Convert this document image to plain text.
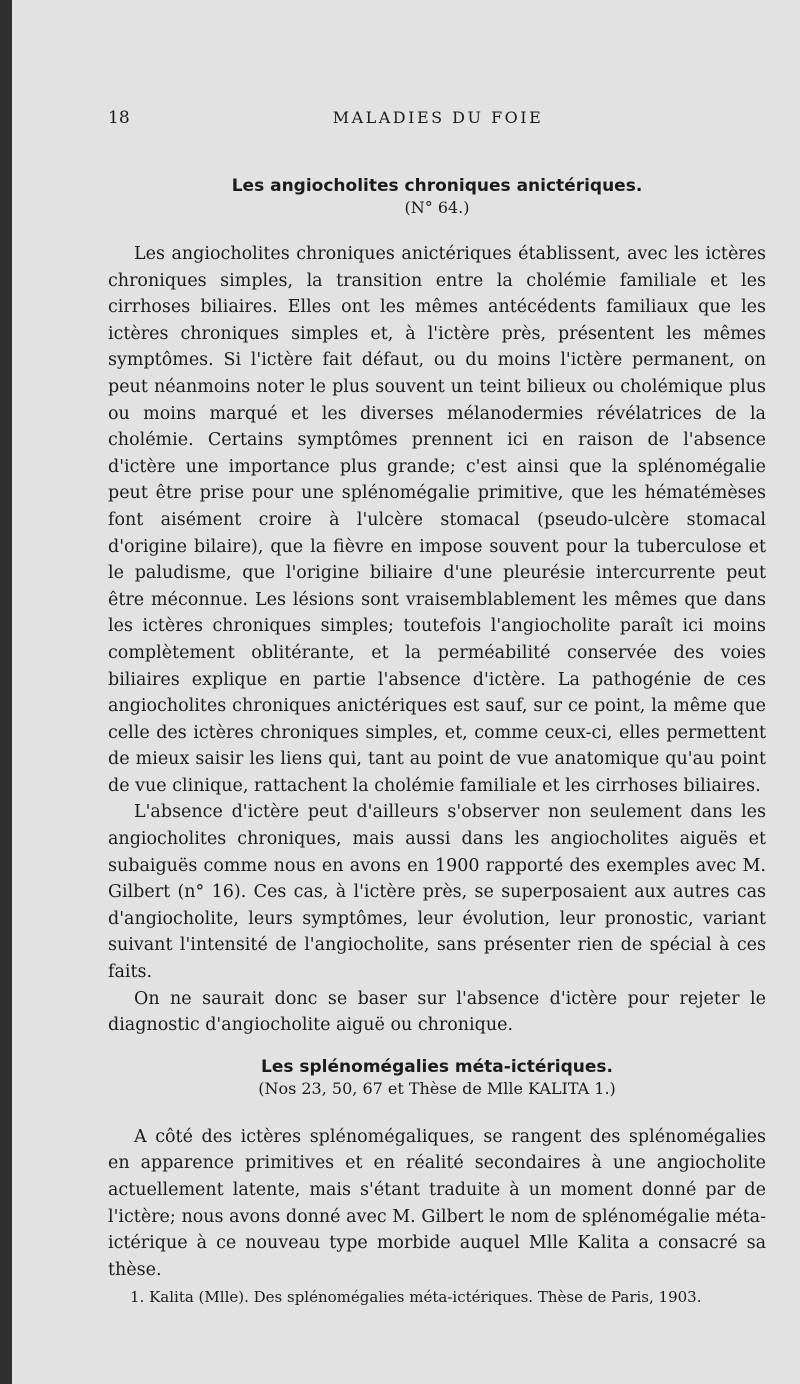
18	MALADIES DU FOIE
Les angiocholites chroniques anictériques.
(N° 64.)

Les angiocholites chroniques anictériques établissent, avec les ictères chroniques simples, la transition entre la cholémie familiale et les cirrhoses biliaires. Elles ont les mêmes antécédents familiaux que les ictères chroniques simples et, à l'ictère près, présentent les mêmes symptômes. Si l'ictère fait défaut, ou du moins l'ictère permanent, on peut néanmoins noter le plus souvent un teint bilieux ou cholémique plus ou moins marqué et les diverses mélanodermies révélatrices de la cholémie. Certains symptômes prennent ici en raison de l'absence d'ictère une importance plus grande; c'est ainsi que la splénomégalie peut être prise pour une splénomégalie primitive, que les hématémèses font aisément croire à l'ulcère stomacal (pseudo-ulcère stomacal d'origine bilaire), que la fièvre en impose souvent pour la tuberculose et le paludisme, que l'origine biliaire d'une pleurésie intercurrente peut être méconnue. Les lésions sont vraisemblablement les mêmes que dans les ictères chroniques simples; toutefois l'angiocholite paraît ici moins complètement oblitérante, et la perméabilité conservée des voies biliaires explique en partie l'absence d'ictère. La pathogénie de ces angiocholites chroniques anictériques est sauf, sur ce point, la même que celle des ictères chroniques simples, et, comme ceux-ci, elles permettent de mieux saisir les liens qui, tant au point de vue anatomique qu'au point de vue clinique, rattachent la cholémie familiale et les cirrhoses biliaires.

L'absence d'ictère peut d'ailleurs s'observer non seulement dans les angiocholites chroniques, mais aussi dans les angiocholites aiguës et subaiguës comme nous en avons en 1900 rapporté des exemples avec M. Gilbert (n° 16). Ces cas, à l'ictère près, se superposaient aux autres cas d'angiocholite, leurs symptômes, leur évolution, leur pronostic, variant suivant l'intensité de l'angiocholite, sans présenter rien de spécial à ces faits.

On ne saurait donc se baser sur l'absence d'ictère pour rejeter le diagnostic d'angiocholite aiguë ou chronique.

Les splénomégalies méta-ictériques.
(Nos 23, 50, 67 et Thèse de Mlle KALITA 1.)

A côté des ictères splénomégaliques, se rangent des splénomégalies en apparence primitives et en réalité secondaires à une angiocholite actuellement latente, mais s'étant traduite à un moment donné par de l'ictère; nous avons donné avec M. Gilbert le nom de splénomégalie méta-ictérique à ce nouveau type morbide auquel Mlle Kalita a consacré sa thèse.

1. Kalita (Mlle). Des splénomégalies méta-ictériques. Thèse de Paris, 1903.
